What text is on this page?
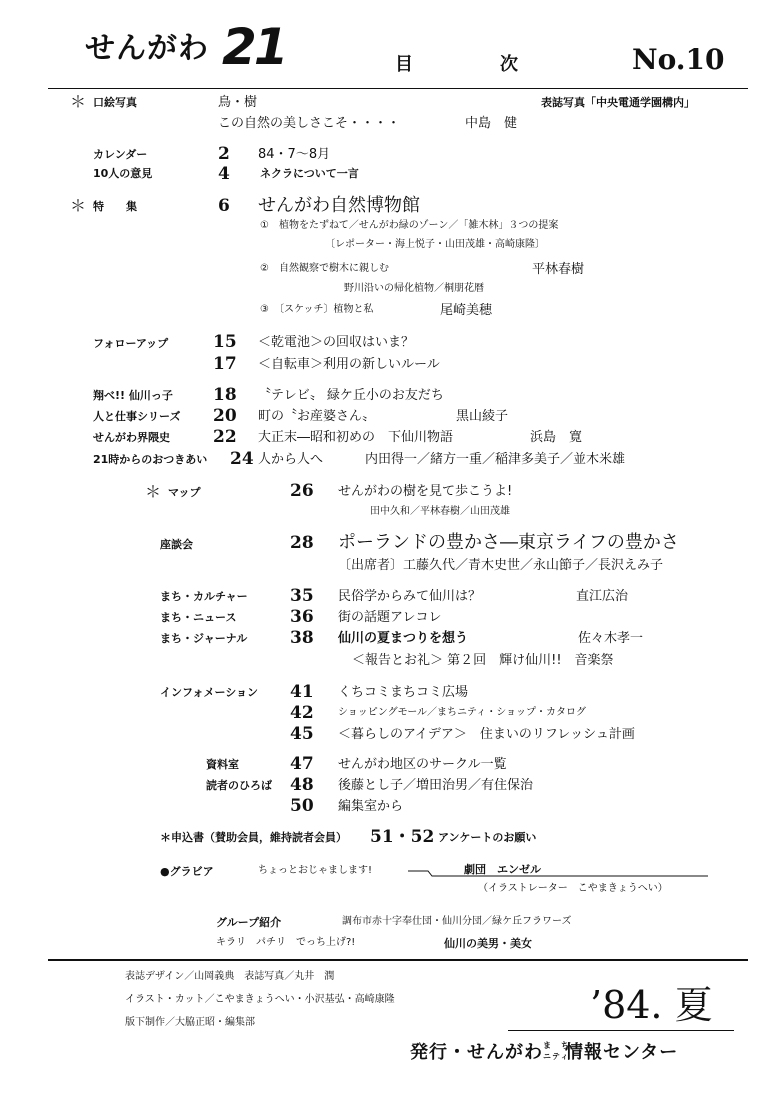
せんがわ 21	目	次	No.10
＊ 口絵写真	鳥・樹	表誌写真「中央電通学園構内」
この自然の美しさこそ・・・・	中島　健
カレンダー	2 84・7～8月
10人の意見	4	ネクラについて一言
＊ 特　　集	6 せんがわ自然博物館
①　植物をたずねて／せんがわ緑のゾーン／「雑木林」３つの提案
〔レポーター・海上悦子・山田茂雄・高崎康隆〕
②　自然観察で樹木に親しむ	平林春樹
野川沿いの帰化植物／桐朋花暦
③　〔スケッチ〕植物と私	尾崎美穂
フォローアップ	15 ＜乾電池＞の回収はいま？
17 ＜自転車＞利用の新しいルール
翔べ!! 仙川っ子 18 〝テレビ〟 緑ケ丘小のお友だち
人と仕事シリーズ 20 町の〝お産婆さん〟	黒山綾子
せんがわ界隈史	22 大正末―昭和初めの　下仙川物語	浜島　寛
21時からのおつきあい 24 人から人へ	内田得一／緒方一重／稲津多美子／並木米雄
＊ マップ	26 せんがわの樹を見て歩こうよ!
田中久和／平林春樹／山田茂雄
座談会	28 ポーランドの豊かさ―東京ライフの豊かさ
〔出席者〕工藤久代／青木史世／永山節子／長沢えみ子
まち・カルチャー 35 民俗学からみて仙川は？	直江広治
まち・ニュース	36 街の話題アレコレ
まち・ジャーナル	38 仙川の夏まつりを想う	佐々木孝一
＜報告とお礼＞ 第２回　輝け仙川!!　音楽祭
インフォメーション 41 くちコミまちコミ広場
42 ショッピングモール／まちニティ・ショップ・カタログ
45 ＜暮らしのアイデア＞　住まいのリフレッシュ計画
資料室	47 せんがわ地区のサークル一覧
読者のひろば 48 後藤とし子／増田治男／有住保治
50 編集室から
＊申込書（賛助会員，維持読者会員） 51・52 アンケートのお願い
●グラビア	ちょっとおじゃまします!	劇団　エンゼル
（イラストレーター　こやまきょうへい）
グループ紹介	調布市赤十字奉仕団・仙川分団／緑ケ丘フラワーズ
キラリ　パチリ　でっち上げ?!	仙川の美男・美女
表誌デザイン／山岡義典　表誌写真／丸井　潤
イラスト・カット／こやまきょうへい・小沢基弘・高崎康隆
版下制作／大脇正昭・編集部	’84. 夏
発行・せんがわ ま　ち
ニティ
情報センター
